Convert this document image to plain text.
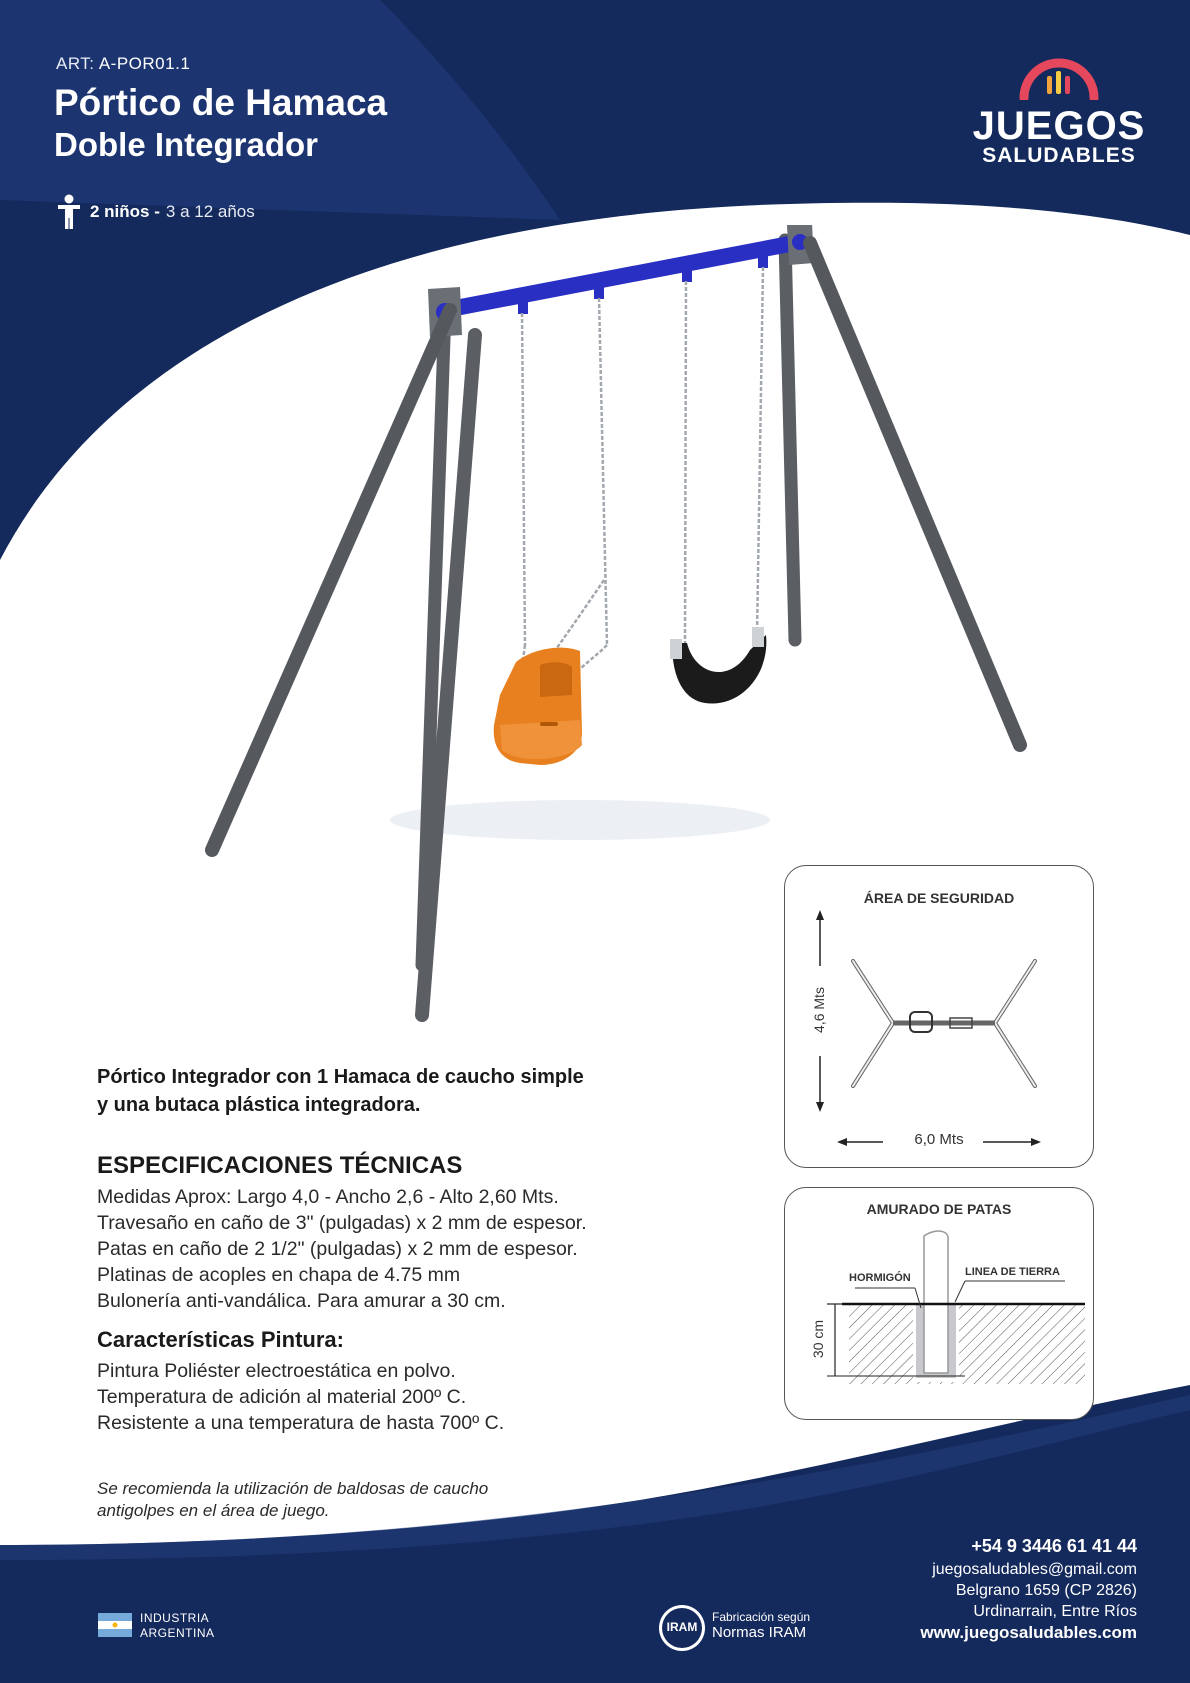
ART: A-POR01.1
Pórtico de Hamaca
Doble Integrador
2 niños - 3 a 12 años
JUEGOS
SALUDABLES
Pórtico Integrador con 1 Hamaca de caucho simple
y una butaca plástica integradora.
ESPECIFICACIONES TÉCNICAS
Medidas Aprox: Largo 4,0 - Ancho 2,6 - Alto 2,60 Mts.
Travesaño en caño de 3" (pulgadas) x 2 mm de espesor.
Patas en caño de 2 1/2" (pulgadas) x 2 mm de espesor.
Platinas de acoples en chapa de 4.75 mm
Bulonería anti-vandálica. Para amurar a 30 cm.
Características Pintura:
Pintura Poliéster electroestática en polvo.
Temperatura de adición al material 200º C.
Resistente a una temperatura de hasta 700º C.
Se recomienda la utilización de baldosas de caucho
antigolpes en el área de juego.
ÁREA DE SEGURIDAD
4,6 Mts
6,0 Mts
AMURADO DE PATAS
HORMIGÓN	LINEA DE TIERRA
30 cm
+54 9 3446 61 41 44
juegosaludables@gmail.com
Belgrano 1659 (CP 2826)
Urdinarrain, Entre Ríos
www.juegosaludables.com
INDUSTRIA
ARGENTINA	IRAM
Fabricación según
Normas IRAM
